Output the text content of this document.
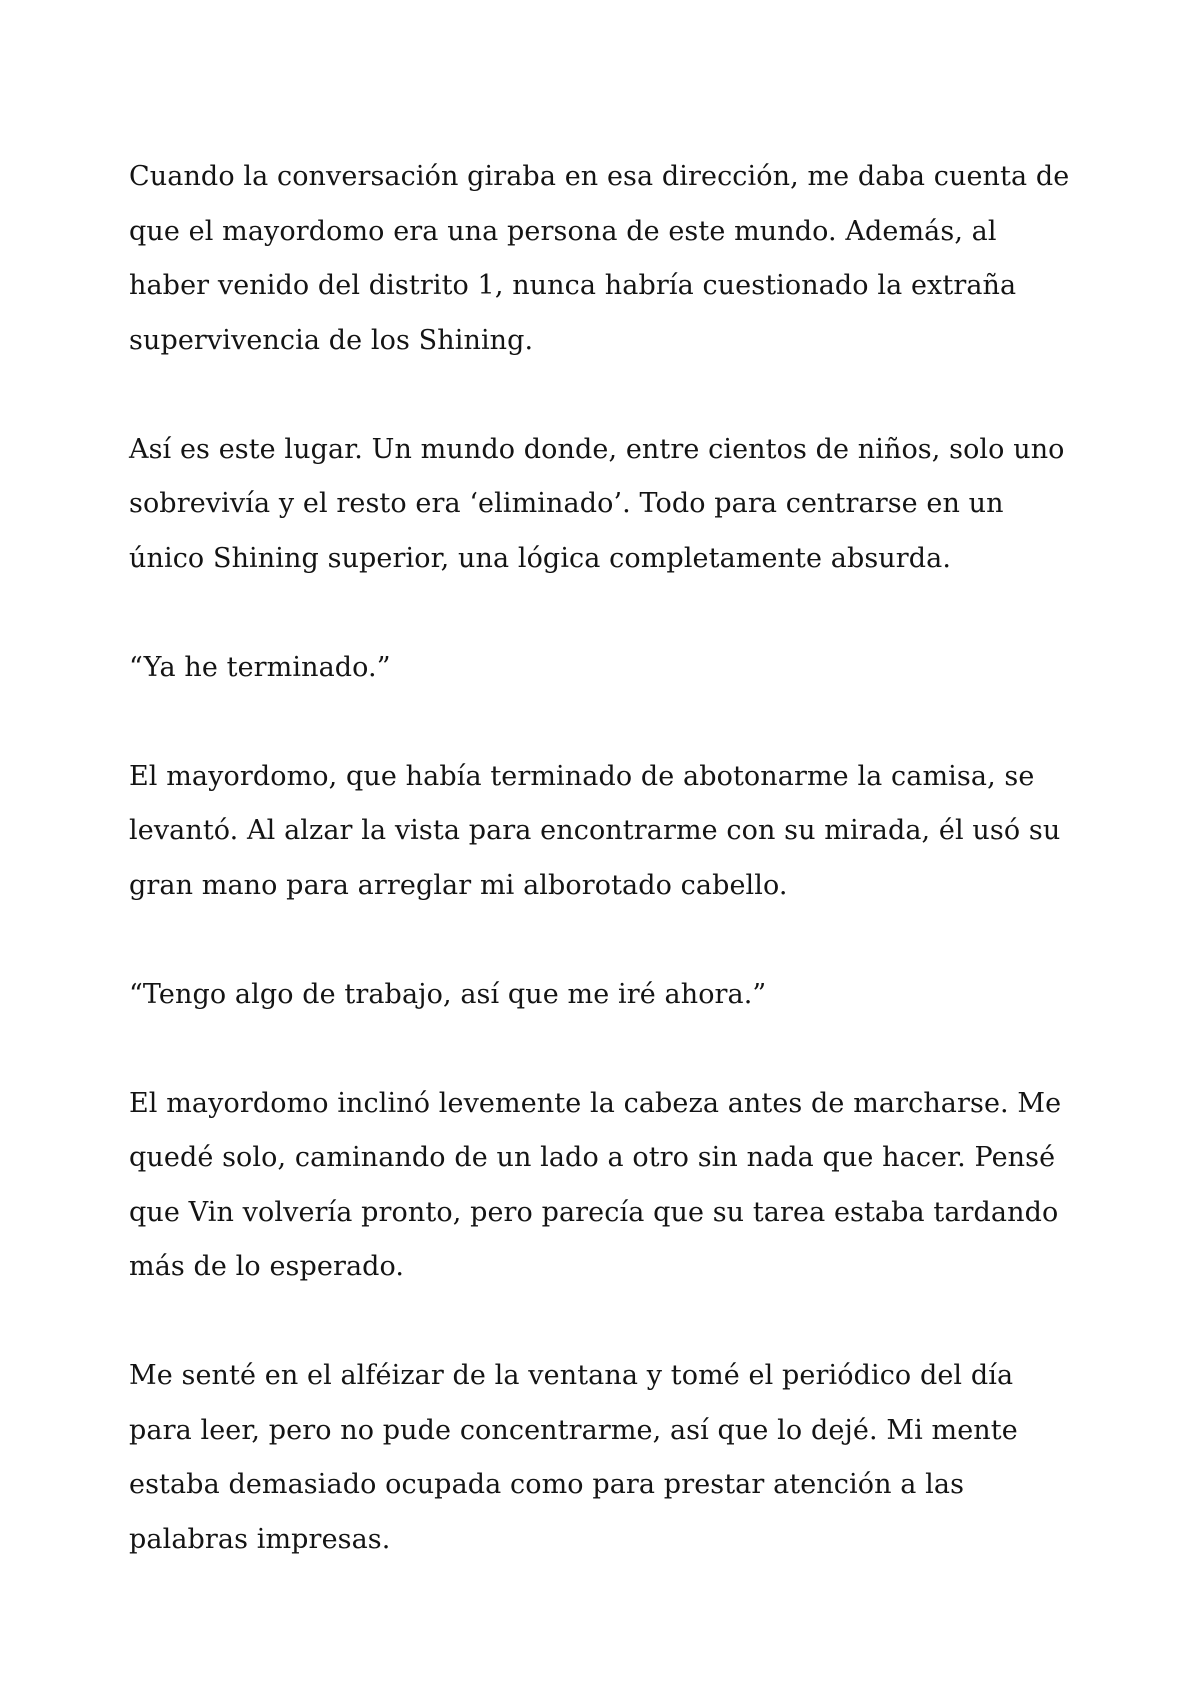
Cuando la conversación giraba en esa dirección, me daba cuenta de
que el mayordomo era una persona de este mundo. Además, al
haber venido del distrito 1, nunca habría cuestionado la extraña
supervivencia de los Shining.

Así es este lugar. Un mundo donde, entre cientos de niños, solo uno
sobrevivía y el resto era ‘eliminado’. Todo para centrarse en un
único Shining superior, una lógica completamente absurda.

“Ya he terminado.”

El mayordomo, que había terminado de abotonarme la camisa, se
levantó. Al alzar la vista para encontrarme con su mirada, él usó su
gran mano para arreglar mi alborotado cabello.

“Tengo algo de trabajo, así que me iré ahora.”

El mayordomo inclinó levemente la cabeza antes de marcharse. Me
quedé solo, caminando de un lado a otro sin nada que hacer. Pensé
que Vin volvería pronto, pero parecía que su tarea estaba tardando
más de lo esperado.

Me senté en el alféizar de la ventana y tomé el periódico del día
para leer, pero no pude concentrarme, así que lo dejé. Mi mente
estaba demasiado ocupada como para prestar atención a las
palabras impresas.
